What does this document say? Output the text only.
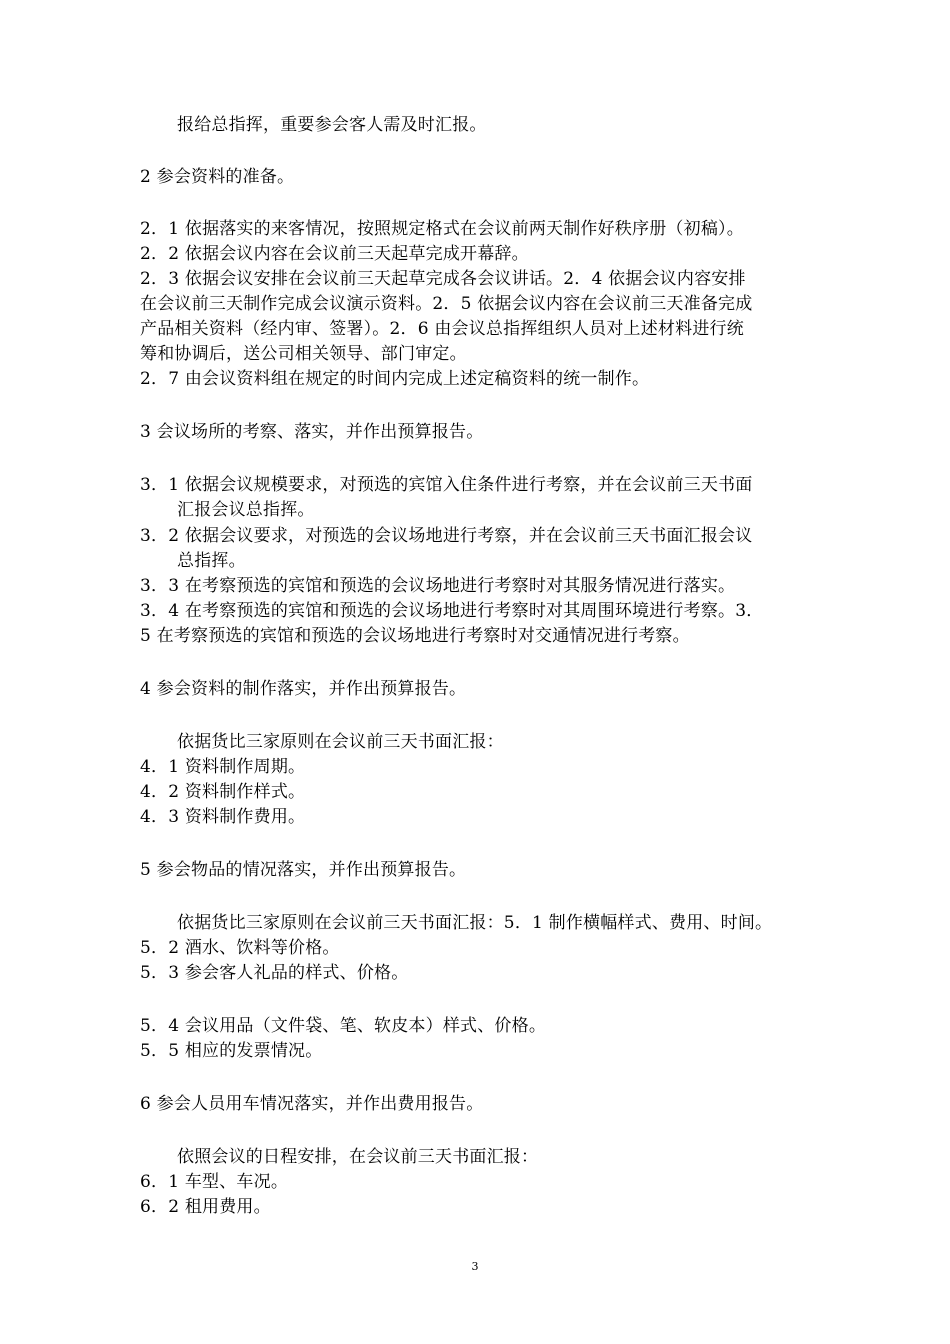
报给总指挥，重要参会客人需及时汇报。
2 参会资料的准备。
2．1 依据落实的来客情况，按照规定格式在会议前两天制作好秩序册（初稿）。
2．2 依据会议内容在会议前三天起草完成开幕辞。
2．3 依据会议安排在会议前三天起草完成各会议讲话。2．4 依据会议内容安排
在会议前三天制作完成会议演示资料。2．5 依据会议内容在会议前三天准备完成
产品相关资料（经内审、签署）。2．6 由会议总指挥组织人员对上述材料进行统
筹和协调后，送公司相关领导、部门审定。
2．7 由会议资料组在规定的时间内完成上述定稿资料的统一制作。
3 会议场所的考察、落实，并作出预算报告。
3．1 依据会议规模要求，对预选的宾馆入住条件进行考察，并在会议前三天书面
汇报会议总指挥。
3．2 依据会议要求，对预选的会议场地进行考察，并在会议前三天书面汇报会议
总指挥。
3．3 在考察预选的宾馆和预选的会议场地进行考察时对其服务情况进行落实。
3．4 在考察预选的宾馆和预选的会议场地进行考察时对其周围环境进行考察。3．
5 在考察预选的宾馆和预选的会议场地进行考察时对交通情况进行考察。
4 参会资料的制作落实，并作出预算报告。
依据货比三家原则在会议前三天书面汇报：
4．1 资料制作周期。
4．2 资料制作样式。
4．3 资料制作费用。
5 参会物品的情况落实，并作出预算报告。
依据货比三家原则在会议前三天书面汇报：5．1 制作横幅样式、费用、时间。
5．2 酒水、饮料等价格。
5．3 参会客人礼品的样式、价格。
5．4 会议用品（文件袋、笔、软皮本）样式、价格。
5．5 相应的发票情况。
6 参会人员用车情况落实，并作出费用报告。
依照会议的日程安排，在会议前三天书面汇报：
6．1 车型、车况。
6．2 租用费用。
3
